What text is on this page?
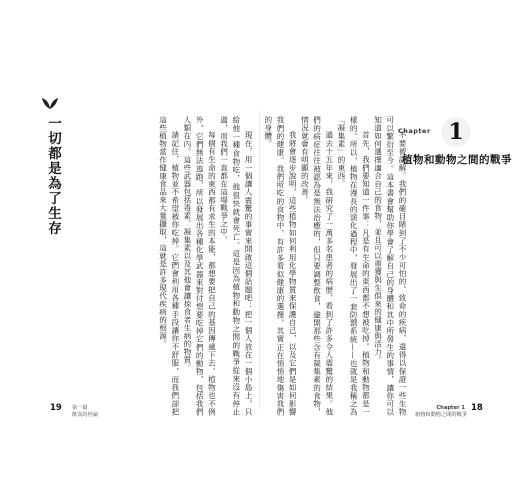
現在，用一個讓人震驚的事實來開啟這個話題吧：把一個人放在一個小島上，只給他一種食物吃，他很快就會死亡。這是因為植物和動物之間的戰爭從來沒有停止過，而我們一直都在這場戰爭之中。

每個有生命的東西都有求生的本能，都想要把自己的基因傳遞下去。植物也不例外，它們無法逃跑，所以發展出各種化學武器來對付想要吃掉它們的動物，包括我們人類在內。這些武器包括毒素、凝集素以及其他會讓掠食者生病的物質。

請記住，植物並不希望被你吃掉。它們會利用各種手段讓你不舒服，而我們卻把這些植物當作健康食品來大量攝取，這就是許多現代疾病的根源。

一切都是為了生存	Chapter 1
植物和動物之間的戰爭

不要被誤解。我們的確目睹到了不少可怕的、致命的疾病，還得以保證一些生物可以繁衍至今。這本書會幫助你學會了解自己的身體和其中所發生的事情，讓你可以知道如何選擇適合自己的食物，並且可以重獲與生俱來的健康與活力。

首先，我們要知道一件事：凡是有生命的東西都不想被吃掉。植物和動物都是一樣的。所以，植物在漫長的演化過程中，發展出了一套防禦系統——也就是我稱之為「凝集素」的東西。

過去十五年來，我研究了一萬多名患者的病歷，看到了許多令人震驚的結果。他們的病症往往被認為是無法治癒的，但只要調整飲食，避開那些含有凝集素的食物，情況就會有明顯的改善。

我將會逐步說明，這些植物如何利用化學物質來保護自己，以及它們是如何影響我們的健康。我們所吃的食物中，有許多看似健康的選擇，其實正在悄悄地傷害我們的身體。

19 第一篇
飲食的悖論
Chapter 1
植物和動物之間的戰爭
18
